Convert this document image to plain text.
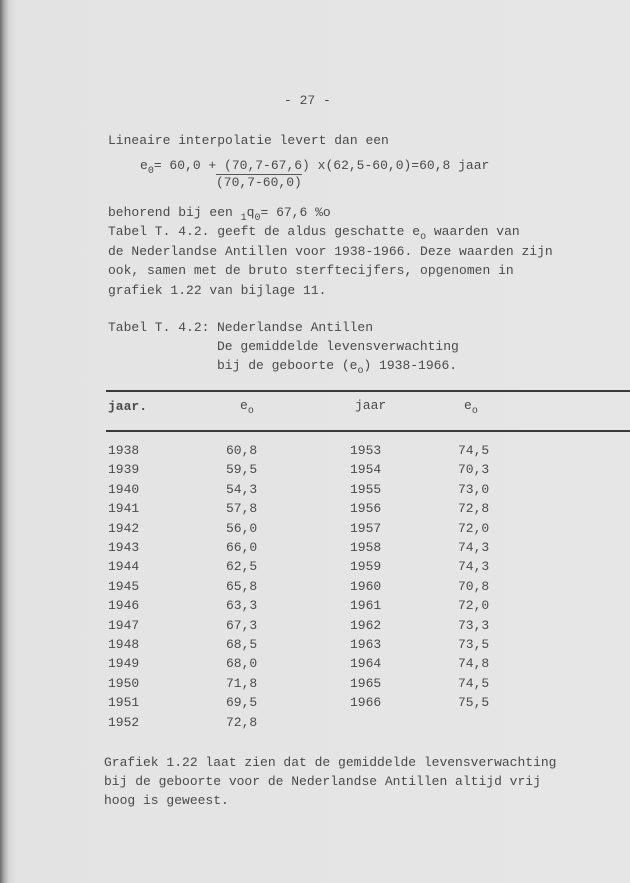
- 27 -
Lineaire interpolatie levert dan een
$e_0= 60,0 + (70,7-67,6)$ x(62,5-60,0)=60,8 jaar
(70,7-60,0)
behorend bij een $_1q_0= 67,6$ %o
Tabel T. 4.2. geeft de aldus geschatte $e_o$ waarden van
de Nederlandse Antillen voor 1938-1966. Deze waarden zijn
ook, samen met de bruto sterftecijfers, opgenomen in
grafiek 1.22 van bijlage 11.
Tabel T. 4.2: Nederlandse Antillen
De gemiddelde levensverwachting
bij de geboorte $(e_o)$ 1938-1966.
jaar.	$e_o$	jaar	$e_o$
1938	60,8	1953	74,5
1939	59,5	1954	70,3
1940	54,3	1955	73,0
1941	57,8	1956	72,8
1942	56,0	1957	72,0
1943	66,0	1958	74,3
1944	62,5	1959	74,3
1945	65,8	1960	70,8
1946	63,3	1961	72,0
1947	67,3	1962	73,3
1948	68,5	1963	73,5
1949	68,0	1964	74,8
1950	71,8	1965	74,5
1951	69,5	1966	75,5
1952	72,8
Grafiek 1.22 laat zien dat de gemiddelde levensverwachting
bij de geboorte voor de Nederlandse Antillen altijd vrij
hoog is geweest.
